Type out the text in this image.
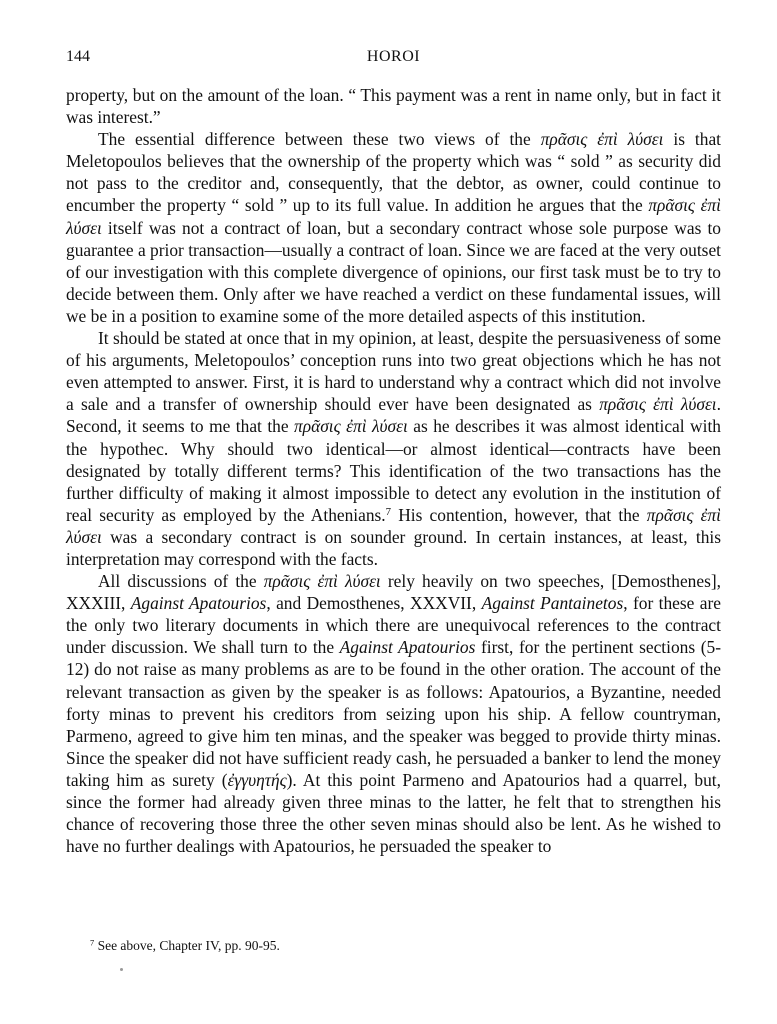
144	HOROI

property, but on the amount of the loan. “ This payment was a rent in name only, but in fact it was interest.”

The essential difference between these two views of the πρᾶσις ἐπὶ λύσει is that Meletopoulos believes that the ownership of the property which was “ sold ” as security did not pass to the creditor and, consequently, that the debtor, as owner, could continue to encumber the property “ sold ” up to its full value. In addition he argues that the πρᾶσις ἐπὶ λύσει itself was not a contract of loan, but a secondary contract whose sole purpose was to guarantee a prior transaction—usually a contract of loan. Since we are faced at the very outset of our investigation with this complete divergence of opinions, our first task must be to try to decide between them. Only after we have reached a verdict on these fundamental issues, will we be in a position to examine some of the more detailed aspects of this institution.

It should be stated at once that in my opinion, at least, despite the persuasiveness of some of his arguments, Meletopoulos’ conception runs into two great objections which he has not even attempted to answer. First, it is hard to understand why a contract which did not involve a sale and a transfer of ownership should ever have been designated as πρᾶσις ἐπὶ λύσει. Second, it seems to me that the πρᾶσις ἐπὶ λύσει as he describes it was almost identical with the hypothec. Why should two identical—or almost identical—contracts have been designated by totally different terms? This identification of the two transactions has the further difficulty of making it almost impossible to detect any evolution in the institution of real security as employed by the Athenians.$^7$ His contention, however, that the πρᾶσις ἐπὶ λύσει was a secondary contract is on sounder ground. In certain instances, at least, this interpretation may correspond with the facts.

All discussions of the πρᾶσις ἐπὶ λύσει rely heavily on two speeches, [Demosthenes], XXXIII, Against Apatourios, and Demosthenes, XXXVII, Against Pantainetos, for these are the only two literary documents in which there are unequivocal references to the contract under discussion. We shall turn to the Against Apatourios first, for the pertinent sections (5-12) do not raise as many problems as are to be found in the other oration. The account of the relevant transaction as given by the speaker is as follows: Apatourios, a Byzantine, needed forty minas to prevent his creditors from seizing upon his ship. A fellow countryman, Parmeno, agreed to give him ten minas, and the speaker was begged to provide thirty minas. Since the speaker did not have sufficient ready cash, he persuaded a banker to lend the money taking him as surety (ἐγγυητής). At this point Parmeno and Apatourios had a quarrel, but, since the former had already given three minas to the latter, he felt that to strengthen his chance of recovering those three the other seven minas should also be lent. As he wished to have no further dealings with Apatourios, he persuaded the speaker to

$^7$ See above, Chapter IV, pp. 90-95.
